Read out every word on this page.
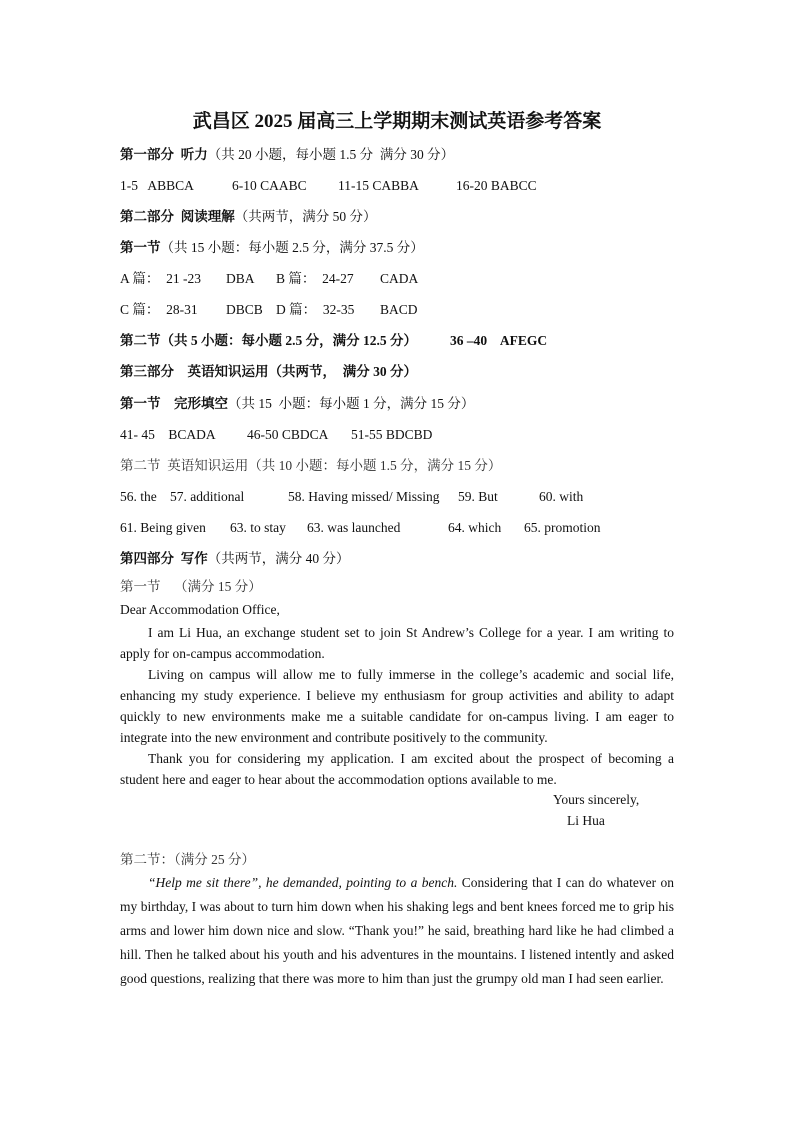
武昌区 2025 届高三上学期期末测试英语参考答案
第一部分  听力（共 20 小题，每小题 1.5 分  满分 30 分）
1-5   ABBCA	6-10 CAABC 11-15 CABBA	16-20 BABCC
第二部分  阅读理解（共两节，满分 50 分）
第一节（共 15 小题：每小题 2.5 分，满分 37.5 分）
A 篇：  21 -23 DBA B 篇：  24-27 CADA
C 篇：  28-31 DBCB D 篇：  32-35 BACD
第二节（共 5 小题：每小题 2.5 分，满分 12.5 分） 36 –40    AFEGC
第三部分    英语知识运用（共两节，  满分 30 分）
第一节    完形填空（共 15  小题：每小题 1 分，满分 15 分）
41- 45    BCADA 46-50 CBDCA 51-55 BDCBD
第二节  英语知识运用（共 10 小题：每小题 1.5 分，满分 15 分）
56. the 57. additional	58. Having missed/ Missing 59. But	60. with
61. Being given 63. to stay 63. was launched	64. which 65. promotion
第四部分  写作（共两节，满分 40 分）
第一节    （满分 15 分）
Dear Accommodation Office,

I am Li Hua, an exchange student set to join St Andrew’s College for a year. I am writing to apply for on-campus accommodation.

Living on campus will allow me to fully immerse in the college’s academic and social life, enhancing my study experience. I believe my enthusiasm for group activities and ability to adapt quickly to new environments make me a suitable candidate for on-campus living. I am eager to integrate into the new environment and contribute positively to the community.

Thank you for considering my application. I am excited about the prospect of becoming a student here and eager to hear about the accommodation options available to me.

Yours sincerely,
Li Hua
第二节：（满分 25 分）

“Help me sit there”, he demanded, pointing to a bench. Considering that I can do whatever on my birthday, I was about to turn him down when his shaking legs and bent knees forced me to grip his arms and lower him down nice and slow. “Thank you!” he said, breathing hard like he had climbed a hill. Then he talked about his youth and his adventures in the mountains. I listened intently and asked good questions, realizing that there was more to him than just the grumpy old man I had seen earlier.
